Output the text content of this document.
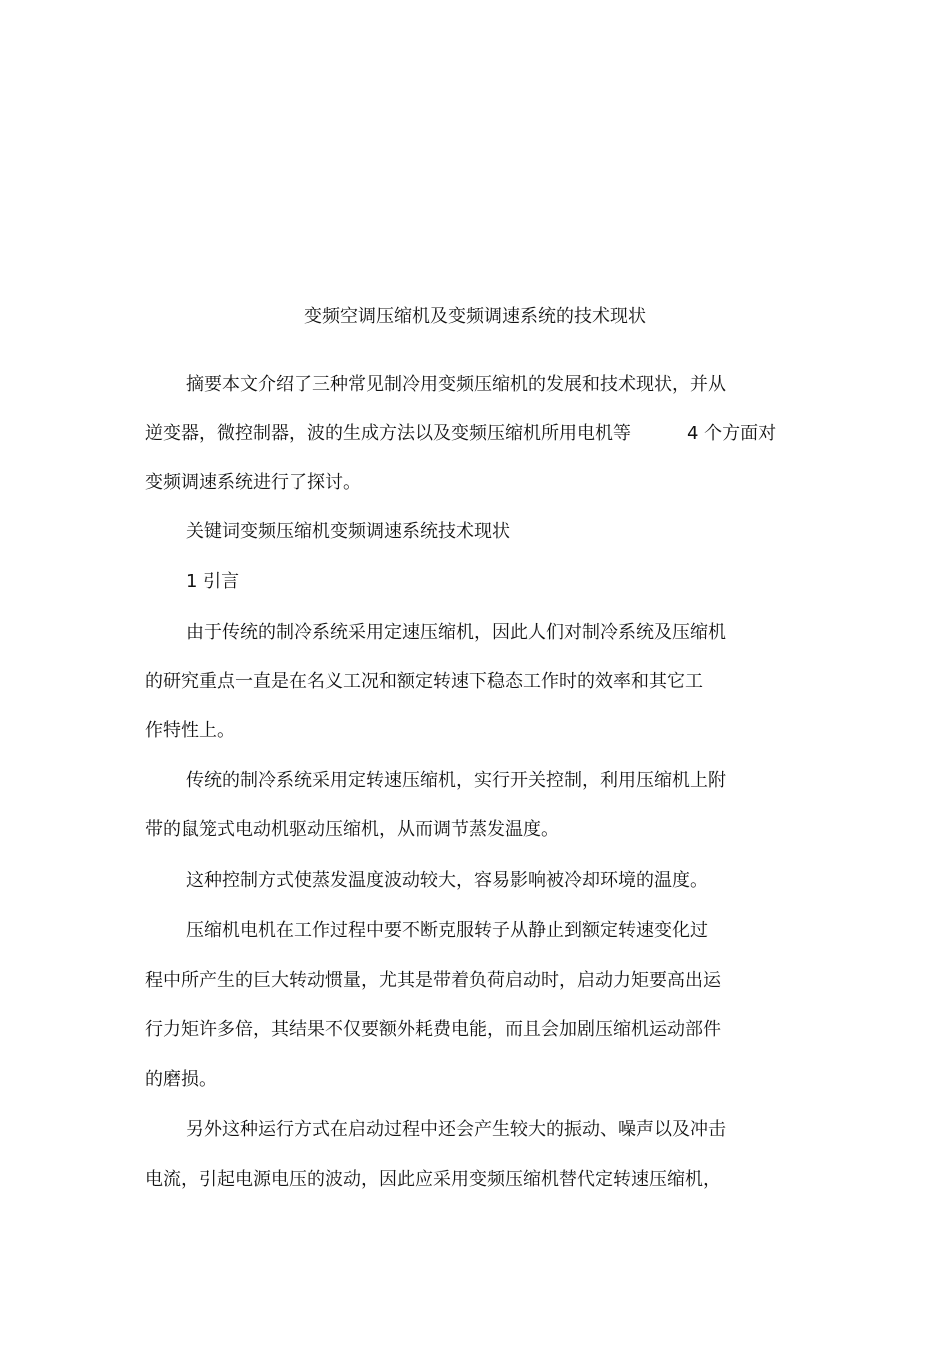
变频空调压缩机及变频调速系统的技术现状
摘要本文介绍了三种常见制冷用变频压缩机的发展和技术现状，并从
逆变器，微控制器，波的生成方法以及变频压缩机所用电机等	4 个方面对
变频调速系统进行了探讨。
关键词变频压缩机变频调速系统技术现状
1 引言
由于传统的制冷系统采用定速压缩机，因此人们对制冷系统及压缩机
的研究重点一直是在名义工况和额定转速下稳态工作时的效率和其它工
作特性上。
传统的制冷系统采用定转速压缩机，实行开关控制，利用压缩机上附
带的鼠笼式电动机驱动压缩机，从而调节蒸发温度。
这种控制方式使蒸发温度波动较大，容易影响被冷却环境的温度。
压缩机电机在工作过程中要不断克服转子从静止到额定转速变化过
程中所产生的巨大转动惯量，尤其是带着负荷启动时，启动力矩要高出运
行力矩许多倍，其结果不仅要额外耗费电能，而且会加剧压缩机运动部件
的磨损。
另外这种运行方式在启动过程中还会产生较大的振动、噪声以及冲击
电流，引起电源电压的波动，因此应采用变频压缩机替代定转速压缩机，
